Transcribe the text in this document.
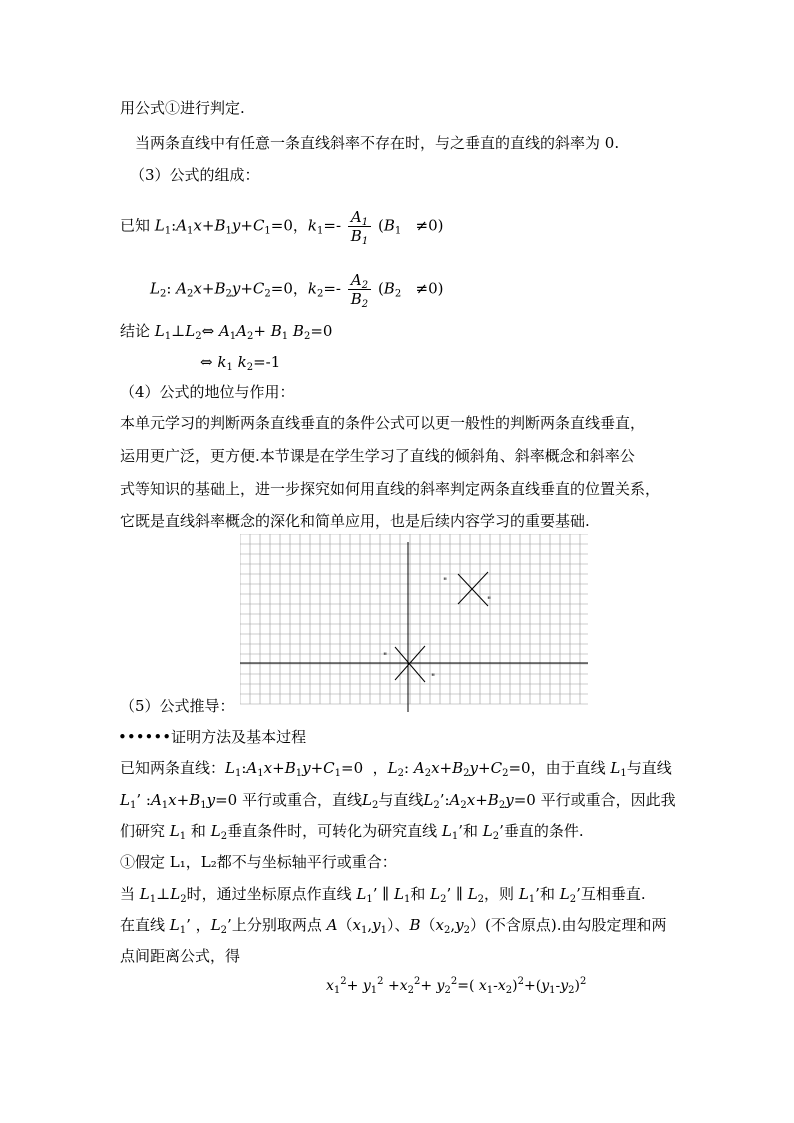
用公式①进行判定.
当两条直线中有任意一条直线斜率不存在时，与之垂直的直线的斜率为 0.
（3）公式的组成：
已知 $L_1:A_1x+B_1y+C_1=0$，$k_1=- \frac{A_1}{B_1} (B_1 \ne 0)$
$L_2$: $A_2x+B_2y+C_2=0$，$k_2=- \frac{A_2}{B_2} (B_2 \ne 0)$
结论 $L_1\perp L_2\Leftrightarrow$ $A_1A_2+ B_1$ $B_2=0$
⇔ $k_1$ $k_2=-1$
（4）公式的地位与作用：
本单元学习的判断两条直线垂直的条件公式可以更一般性的判断两条直线垂直，
运用更广泛，更方便.本节课是在学生学习了直线的倾斜角、斜率概念和斜率公
式等知识的基础上，进一步探究如何用直线的斜率判定两条直线垂直的位置关系，
它既是直线斜率概念的深化和简单应用，也是后续内容学习的重要基础.
"
"
"
"
（5）公式推导：
••••••证明方法及基本过程
已知两条直线：$L_1:A_1x+B_1y+C_1=0$  ，$L_2$: $A_2x+B_2y+C_2=0$，由于直线 $L_1$与直线
$L_1$’ $:A_1x+B_1y=0$ 平行或重合，直线$L_2$与直线$L_2’:A_2x+B_2y=0$ 平行或重合，因此我
们研究 $L_1$ 和 $L_2$垂直条件时，可转化为研究直线 $L_1$’和 $L_2$’垂直的条件.
①假定 L₁，L₂都不与坐标轴平行或重合：
当 $L_1\perp L_2$时，通过坐标原点作直线 $L_1$’ ∥ $L_1$和 $L_2$’ ∥ $L_2$，则 $L_1$’和 $L_2$’互相垂直.
在直线 $L_1$’ ，$L_2$’上分别取两点 $A(x_1,y_1)$、$B(x_2,y_2)$(不含原点).由勾股定理和两
点间距离公式，得
$x_1^2+ y_1^2 +x_2^2+ y_2^2=$( $x_1-x_2)^2+(y_1-y_2)^2$
